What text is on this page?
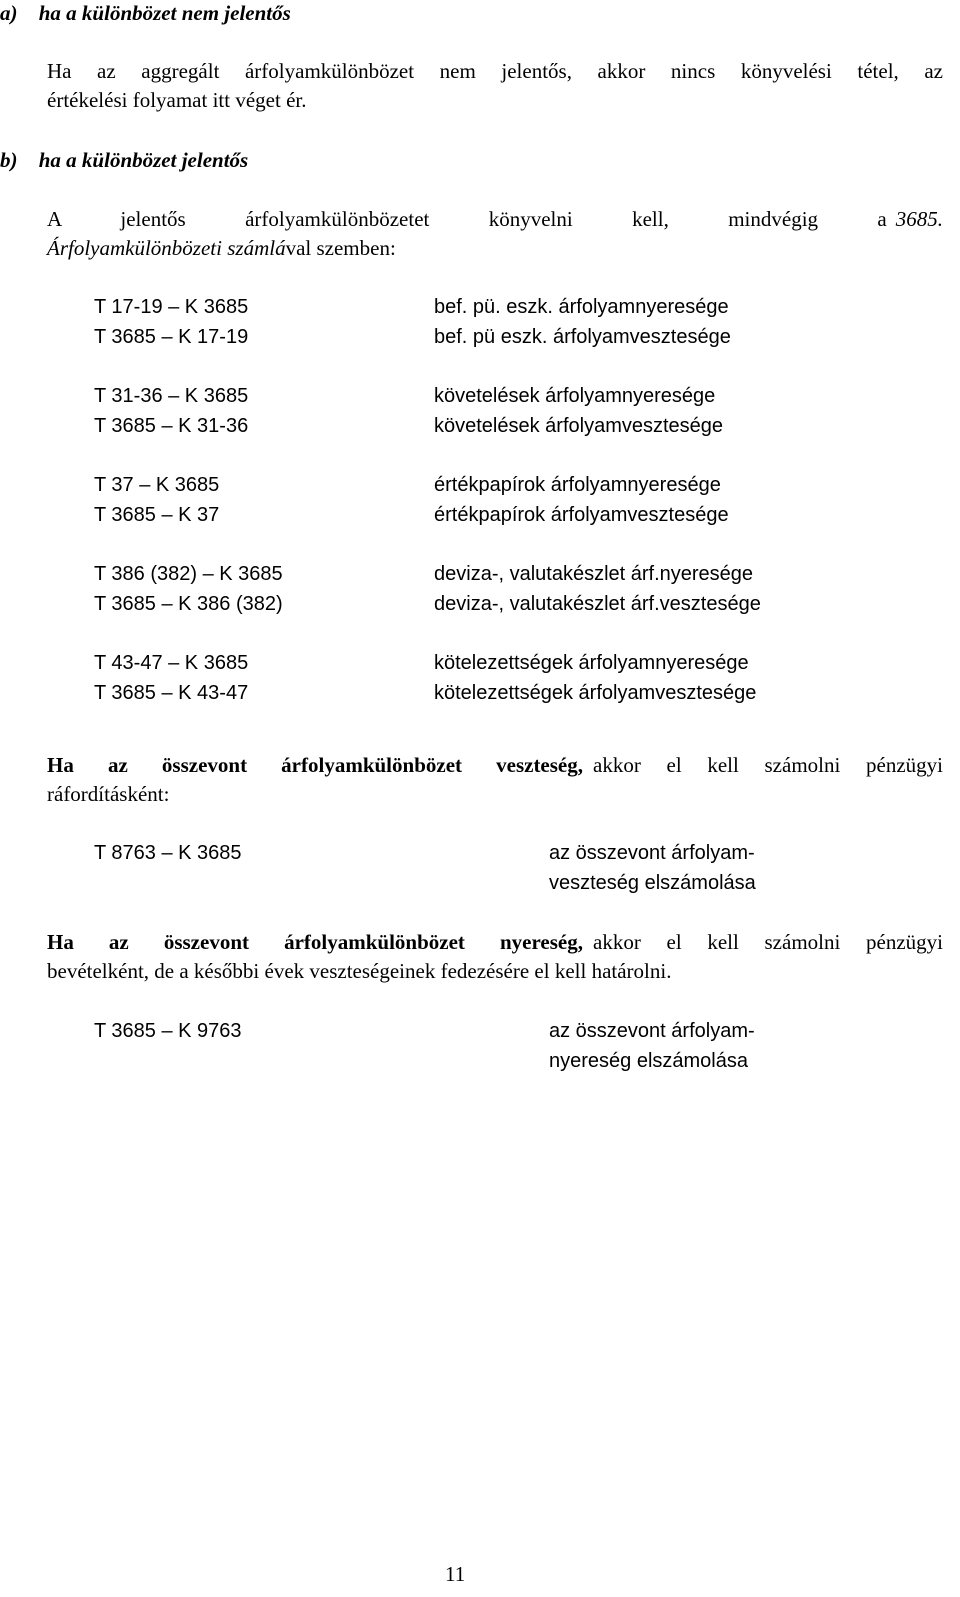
a) ha a különbözet nem jelentős
Ha az aggregált árfolyamkülönbözet nem jelentős, akkor nincs könyvelési tétel, az
értékelési folyamat itt véget ér.
b) ha a különbözet jelentős
A jelentős árfolyamkülönbözetet könyvelni kell, mindvégig a 3685.
Árfolyamkülönbözeti számlával szemben:
T 17-19 – K 3685	bef. pü. eszk. árfolyamnyeresége
T 3685 – K 17-19	bef. pü eszk. árfolyamvesztesége
T 31-36 – K 3685	követelések árfolyamnyeresége
T 3685 – K 31-36	követelések árfolyamvesztesége
T 37 – K 3685	értékpapírok árfolyamnyeresége
T 3685 – K 37	értékpapírok árfolyamvesztesége
T 386 (382) – K 3685	deviza-, valutakészlet árf.nyeresége
T 3685 – K 386 (382)	deviza-, valutakészlet árf.vesztesége
T 43-47 – K 3685	kötelezettségek árfolyamnyeresége
T 3685 – K 43-47	kötelezettségek árfolyamvesztesége
Ha az összevont árfolyamkülönbözet veszteség, akkor el kell számolni pénzügyi
ráfordításként:
T 8763 – K 3685	az összevont árfolyam-
veszteség elszámolása
Ha az összevont árfolyamkülönbözet nyereség, akkor el kell számolni pénzügyi
bevételként, de a későbbi évek veszteségeinek fedezésére el kell határolni.
T 3685 – K 9763	az összevont árfolyam-
nyereség elszámolása
11
